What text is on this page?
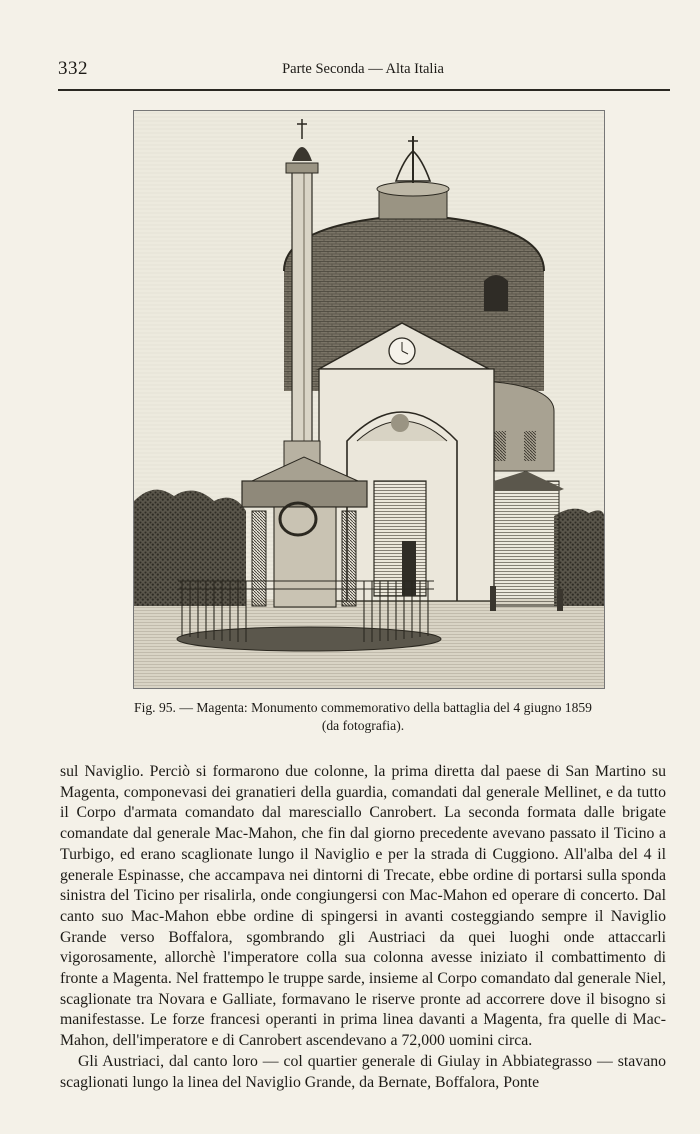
332	Parte Seconda — Alta Italia
Fig. 95. — Magenta: Monumento commemorativo della battaglia del 4 giugno 1859
(da fotografia).

sul Naviglio. Perciò si formarono due colonne, la prima diretta dal paese di San Martino su Magenta, componevasi dei granatieri della guardia, comandati dal generale Mellinet, e da tutto il Corpo d'armata comandato dal maresciallo Canrobert. La seconda formata dalle brigate comandate dal generale Mac-Mahon, che fin dal giorno precedente avevano passato il Ticino a Turbigo, ed erano scaglionate lungo il Naviglio e per la strada di Cuggiono. All'alba del 4 il generale Espinasse, che accampava nei dintorni di Trecate, ebbe ordine di portarsi sulla sponda sinistra del Ticino per risalirla, onde congiungersi con Mac-Mahon ed operare di concerto. Dal canto suo Mac-Mahon ebbe ordine di spingersi in avanti costeggiando sempre il Naviglio Grande verso Boffalora, sgombrando gli Austriaci da quei luoghi onde attaccarli vigorosamente, allorchè l'imperatore colla sua colonna avesse iniziato il combattimento di fronte a Magenta. Nel frattempo le truppe sarde, insieme al Corpo comandato dal generale Niel, scaglionate tra Novara e Galliate, formavano le riserve pronte ad accorrere dove il bisogno si manifestasse. Le forze francesi operanti in prima linea davanti a Magenta, fra quelle di Mac-Mahon, dell'imperatore e di Canrobert ascendevano a 72,000 uomini circa.

Gli Austriaci, dal canto loro — col quartier generale di Giulay in Abbiategrasso — stavano scaglionati lungo la linea del Naviglio Grande, da Bernate, Boffalora, Ponte
